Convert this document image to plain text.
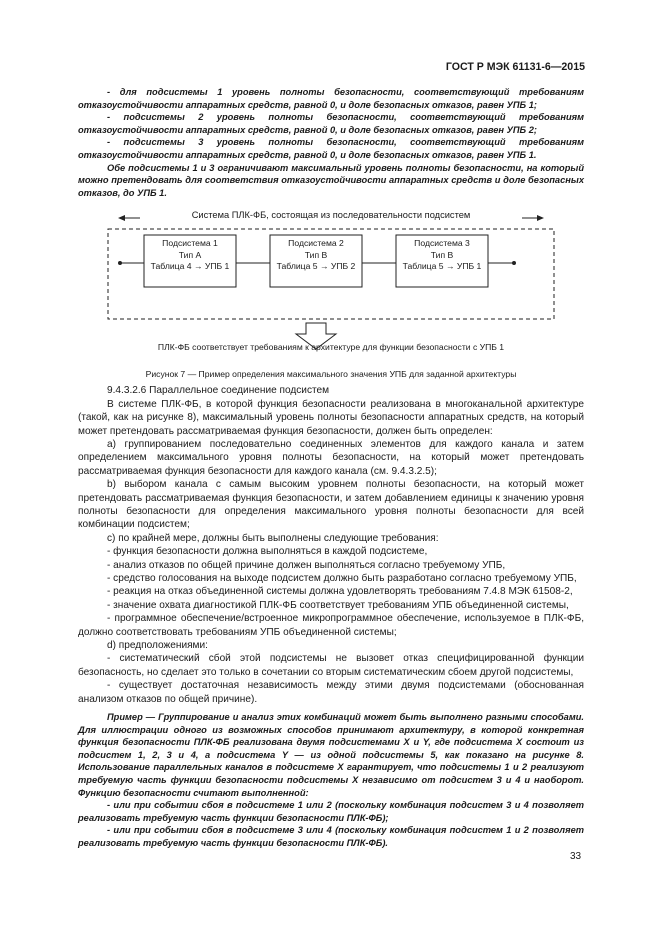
ГОСТ Р МЭК 61131-6—2015

- для подсистемы 1 уровень полноты безопасности, соответствующий требованиям отказоустойчивости аппаратных средств, равной 0, и доле безопасных отказов, равен УПБ 1;

- подсистемы 2 уровень полноты безопасности, соответствующий требованиям отказоустойчивости аппаратных средств, равной 0, и доле безопасных отказов, равен УПБ 2;

- подсистемы 3 уровень полноты безопасности, соответствующий требованиям отказоустойчивости аппаратных средств, равной 0, и доле безопасных отказов, равен УПБ 1.

Обе подсистемы 1 и 3 ограничивают максимальный уровень полноты безопасности, на который можно претендовать для соответствия отказоустойчивости аппаратных средств и доле безопасных отказов, до УПБ 1.

Система ПЛК-ФБ, состоящая из последовательности подсистем
Подсистема 1
Тип A
Таблица 4 → УПБ 1
Подсистема 2
Тип B
Таблица 5 → УПБ 2
Подсистема 3
Тип B
Таблица 5 → УПБ 1
ПЛК-ФБ соответствует требованиям к архитектуре для функции безопасности с УПБ 1
Рисунок 7 — Пример определения максимального значения УПБ для заданной архитектуры

9.4.3.2.6 Параллельное соединение подсистем

В системе ПЛК-ФБ, в которой функция безопасности реализована в многоканальной архитектуре (такой, как на рисунке 8), максимальный уровень полноты безопасности аппаратных средств, на который может претендовать рассматриваемая функция безопасности, должен быть определен:

a) группированием последовательно соединенных элементов для каждого канала и затем определением максимального уровня полноты безопасности, на который может претендовать рассматриваемая функция безопасности для каждого канала (см. 9.4.3.2.5);

b) выбором канала с самым высоким уровнем полноты безопасности, на который может претендовать рассматриваемая функция безопасности, и затем добавлением единицы к значению уровня полноты безопасности для определения максимального уровня полноты безопасности для всей комбинации подсистем;

c) по крайней мере, должны быть выполнены следующие требования:

- функция безопасности должна выполняться в каждой подсистеме,

- анализ отказов по общей причине должен выполняться согласно требуемому УПБ,

- средство голосования на выходе подсистем должно быть разработано согласно требуемому УПБ,

- реакция на отказ объединенной системы должна удовлетворять требованиям 7.4.8 МЭК 61508-2,

- значение охвата диагностикой ПЛК-ФБ соответствует требованиям УПБ объединенной системы,

- программное обеспечение/встроенное микропрограммное обеспечение, используемое в ПЛК-ФБ, должно соответствовать требованиям УПБ объединенной системы;

d) предположениями:

- систематический сбой этой подсистемы не вызовет отказ специфицированной функции безопасность, но сделает это только в сочетании со вторым систематическим сбоем другой подсистемы,

- существует достаточная независимость между этими двумя подсистемами (обоснованная анализом отказов по общей причине).

Пример — Группирование и анализ этих комбинаций может быть выполнено разными способами. Для иллюстрации одного из возможных способов принимают архитектуру, в которой конкретная функция безопасности ПЛК-ФБ реализована двумя подсистемами X и Y, где подсистема X состоит из подсистем 1, 2, 3 и 4, а подсистема Y — из одной подсистемы 5, как показано на рисунке 8. Использование параллельных каналов в подсистеме X гарантирует, что подсистемы 1 и 2 реализуют требуемую часть функции безопасности подсистемы X независимо от подсистем 3 и 4 и наоборот. Функцию безопасности считают выполненной:

- или при событии сбоя в подсистеме 1 или 2 (поскольку комбинация подсистем 3 и 4 позволяет реализовать требуемую часть функции безопасности ПЛК-ФБ);

- или при событии сбоя в подсистеме 3 или 4 (поскольку комбинация подсистем 1 и 2 позволяет реализовать требуемую часть функции безопасности ПЛК-ФБ).

33
